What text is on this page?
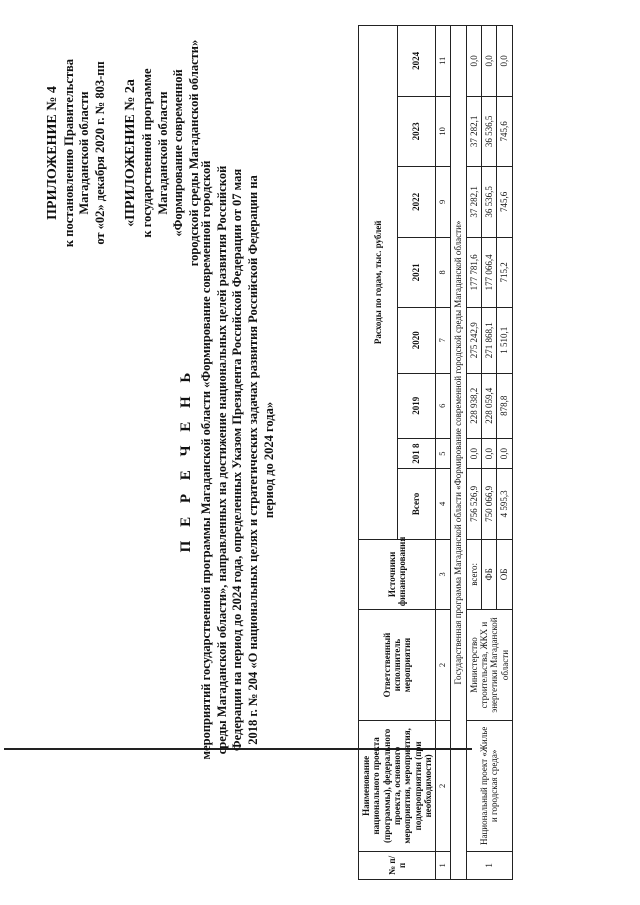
ПРИЛОЖЕНИЕ № 4 к постановлению Правительства Магаданской области от «02» декабря 2020 г. № 803-пп «ПРИЛОЖЕНИЕ № 2а к государственной программе Магаданской области «Формирование современной городской среды Магаданской области»

П Е Р Е Ч Е Н Ь мероприятий государственной программы Магаданской области «Формирование современной городской среды Магаданской области», направленных на достижение национальных целей развития Российской Федерации на период до 2024 года, определенных Указом Президента Российской Федерации от 07 мая 2018 г. № 204 «О национальных целях и стратегических задачах развития Российской Федерации на период до 2024 года»
№ п/п	Наименование национального проекта (программы), федерального проекта, основного мероприятия, мероприятия, подмероприятия (при необходимости)	Ответственный исполнитель мероприятия	Источники финансирования	Расходы по годам, тыс. рублей							
				Всего	201 8	2019	2020	2021	2022	2023	2024
1	2	2	3	4	5	6	7	8	9	10	11
Государственная программа Магаданской области «Формирование современной городской среды Магаданской области»											
1	Национальный проект «Жилье и городская среда»	Министерство строительства, ЖКХ и энергетики Магаданской области	всего:	756 526,9	0,0	228 938,2	275 242,9	177 781,6	37 282,1	37 282,1	0,0
			ФБ	750 066,9	0,0	228 059,4	271 868,1	177 066,4	36 536,5	36 536,5	0,0
			ОБ	4 595,3	0,0	878,8	1 510,1	715,2	745,6	745,6	0,0
